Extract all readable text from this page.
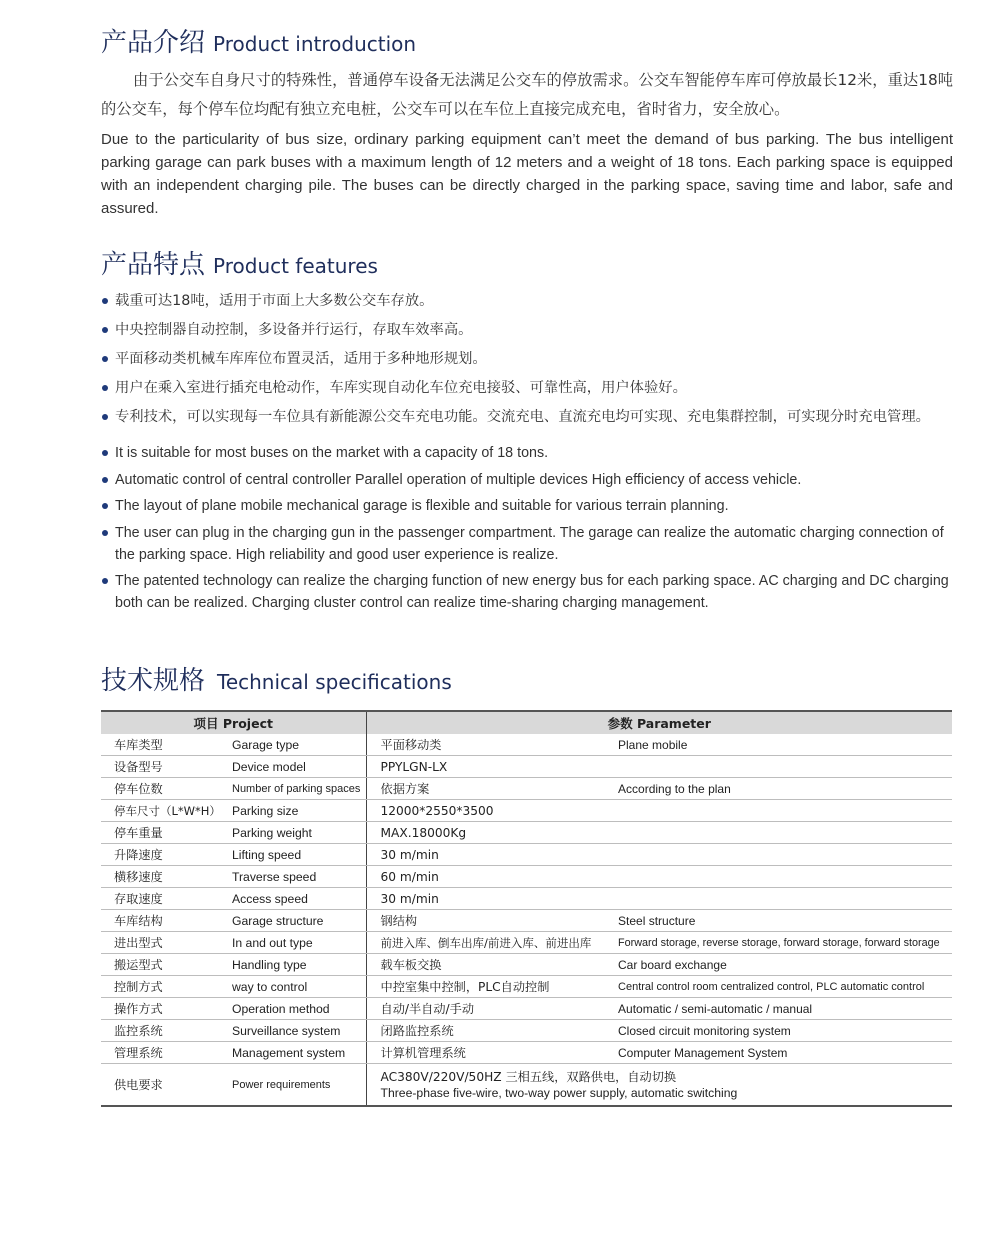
产品介绍 Product introduction

由于公交车自身尺寸的特殊性，普通停车设备无法满足公交车的停放需求。公交车智能停车库可停放最长12米，重达18吨的公交车，每个停车位均配有独立充电桩，公交车可以在车位上直接完成充电，省时省力，安全放心。

Due to the particularity of bus size, ordinary parking equipment can’t meet the demand of bus parking. The bus intelligent parking garage can park buses with a maximum length of 12 meters and a weight of 18 tons. Each parking space is equipped with an independent charging pile. The buses can be directly charged in the parking space, saving time and labor, safe and assured.

产品特点 Product features
载重可达18吨，适用于市面上大多数公交车存放。
中央控制器自动控制，多设备并行运行，存取车效率高。
平面移动类机械车库库位布置灵活，适用于多种地形规划。
用户在乘入室进行插充电枪动作，车库实现自动化车位充电接驳、可靠性高，用户体验好。
专利技术，可以实现每一车位具有新能源公交车充电功能。交流充电、直流充电均可实现、充电集群控制，可实现分时充电管理。
It is suitable for most buses on the market with a capacity of 18 tons.
Automatic control of central controller Parallel operation of multiple devices High efficiency of access vehicle.
The layout of plane mobile mechanical garage is flexible and suitable for various terrain planning.
The user can plug in the charging gun in the passenger compartment. The garage can realize the automatic charging connection of the parking space. High reliability and good user experience is realize.
The patented technology can realize the charging function of new energy bus for each parking space. AC charging and DC charging both can be realized. Charging cluster control can realize time-sharing charging management.
技术规格 Technical specifications
项目 Project		参数 Parameter	
车库类型	Garage type	平面移动类	Plane mobile
设备型号	Device model	PPYLGN-LX	
停车位数	Number of parking spaces	依据方案	According to the plan
停车尺寸（L*W*H）	Parking size	12000*2550*3500	
停车重量	Parking weight	MAX.18000Kg	
升降速度	Lifting speed	30 m/min	
横移速度	Traverse speed	60 m/min	
存取速度	Access speed	30 m/min	
车库结构	Garage structure	钢结构	Steel structure
进出型式	In and out type	前进入库、倒车出库/前进入库、前进出库	Forward storage, reverse storage, forward storage, forward storage
搬运型式	Handling type	载车板交换	Car board exchange
控制方式	way to control	中控室集中控制，PLC自动控制	Central control room centralized control, PLC automatic control
操作方式	Operation method	自动/半自动/手动	Automatic / semi-automatic / manual
监控系统	Surveillance system	闭路监控系统	Closed circuit monitoring system
管理系统	Management system	计算机管理系统	Computer Management System
供电要求	Power requirements	AC380V/220V/50HZ 三相五线，双路供电，自动切换
Three-phase five-wire, two-way power supply, automatic switching	
